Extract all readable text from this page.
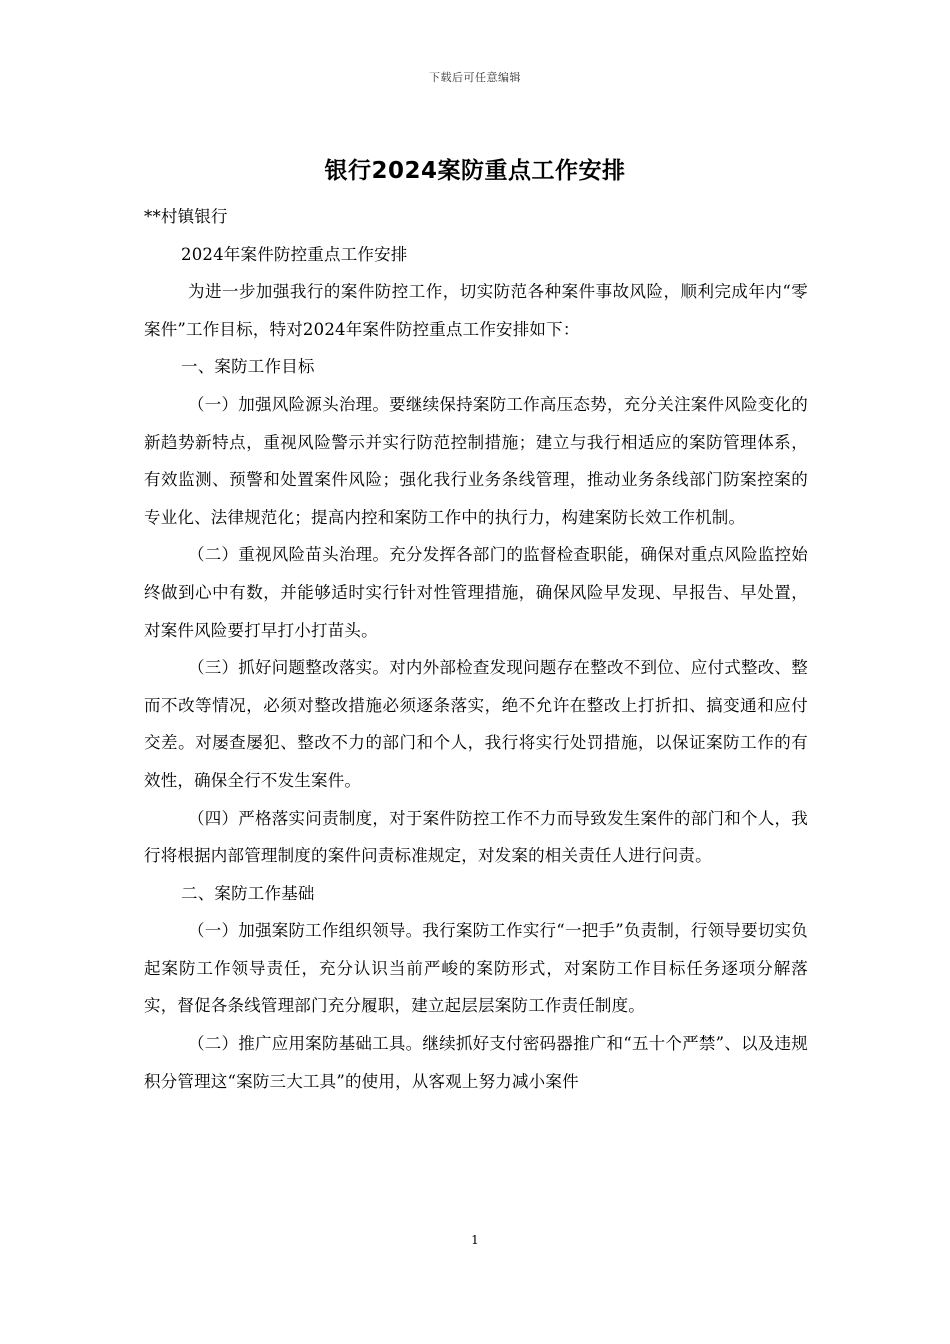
下载后可任意编辑
银行2024案防重点工作安排

**村镇银行

2024年案件防控重点工作安排

为进一步加强我行的案件防控工作，切实防范各种案件事故风险，顺利完成年内“零案件”工作目标，特对2024年案件防控重点工作安排如下：

一、案防工作目标

（一）加强风险源头治理。要继续保持案防工作高压态势，充分关注案件风险变化的新趋势新特点，重视风险警示并实行防范控制措施；建立与我行相适应的案防管理体系，有效监测、预警和处置案件风险；强化我行业务条线管理，推动业务条线部门防案控案的专业化、法律规范化；提高内控和案防工作中的执行力，构建案防长效工作机制。

（二）重视风险苗头治理。充分发挥各部门的监督检查职能，确保对重点风险监控始终做到心中有数，并能够适时实行针对性管理措施，确保风险早发现、早报告、早处置，对案件风险要打早打小打苗头。

（三）抓好问题整改落实。对内外部检查发现问题存在整改不到位、应付式整改、整而不改等情况，必须对整改措施必须逐条落实，绝不允许在整改上打折扣、搞变通和应付交差。对屡查屡犯、整改不力的部门和个人，我行将实行处罚措施，以保证案防工作的有效性，确保全行不发生案件。

（四）严格落实问责制度，对于案件防控工作不力而导致发生案件的部门和个人，我行将根据内部管理制度的案件问责标准规定，对发案的相关责任人进行问责。

二、案防工作基础

（一）加强案防工作组织领导。我行案防工作实行“一把手”负责制，行领导要切实负起案防工作领导责任，充分认识当前严峻的案防形式，对案防工作目标任务逐项分解落实，督促各条线管理部门充分履职，建立起层层案防工作责任制度。

（二）推广应用案防基础工具。继续抓好支付密码器推广和“五十个严禁”、以及违规积分管理这“案防三大工具”的使用，从客观上努力减小案件

1
